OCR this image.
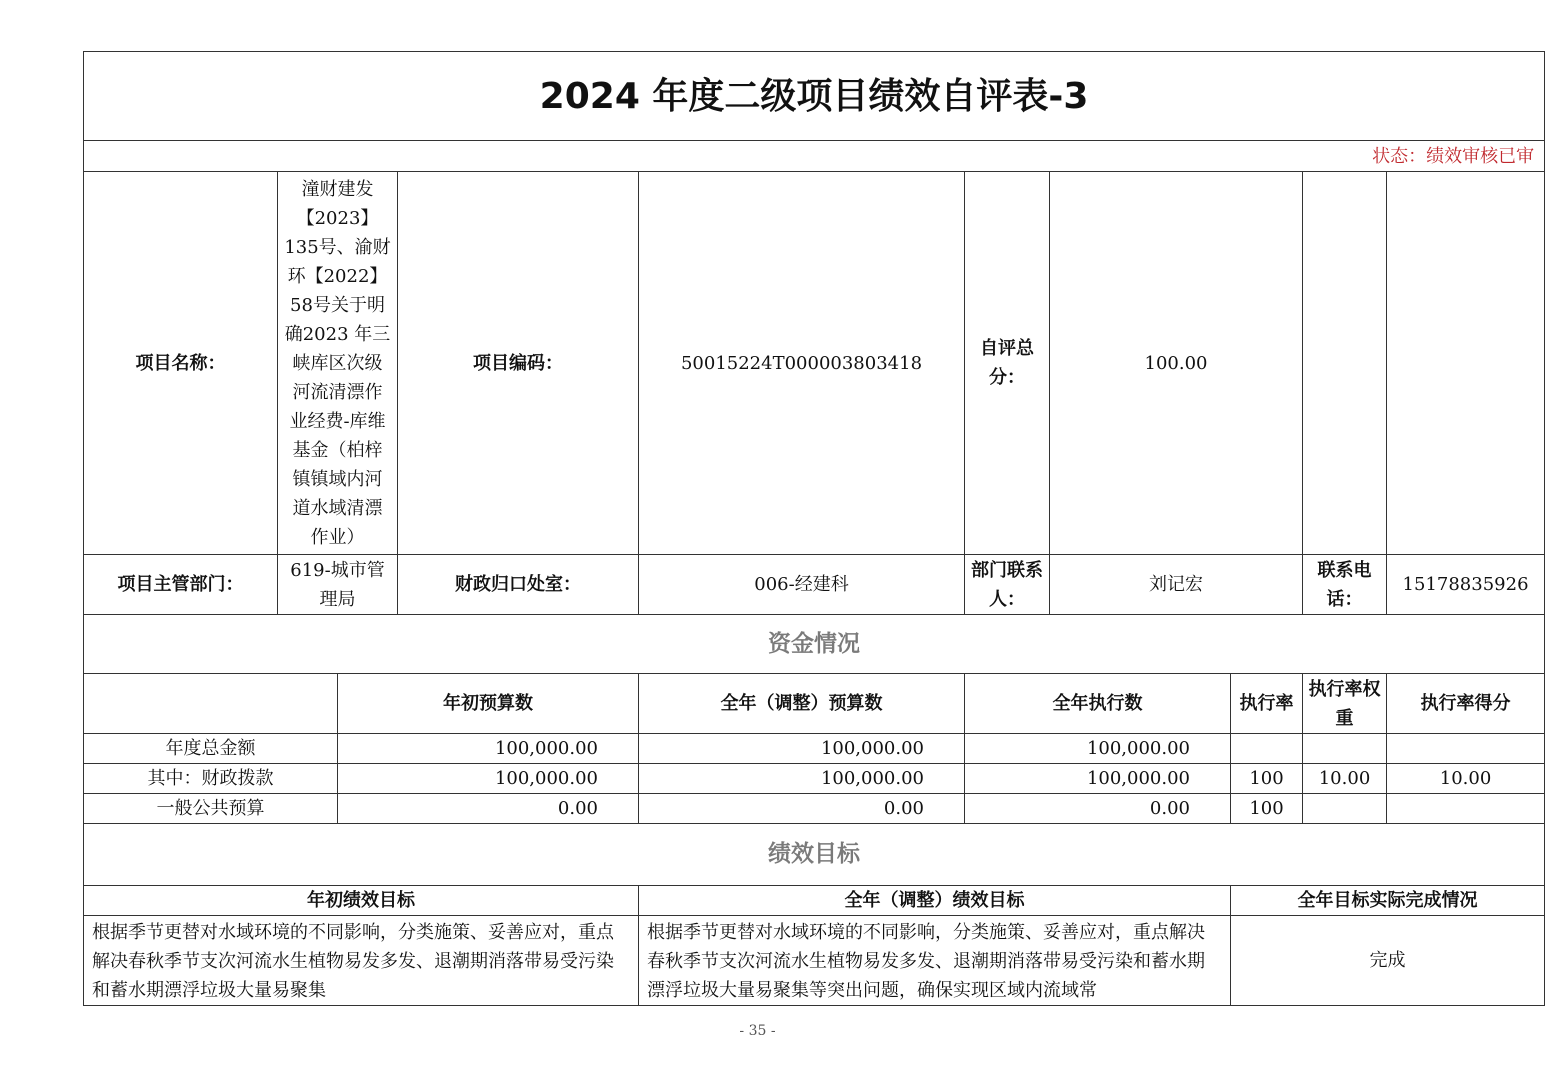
2024 年度二级项目绩效自评表-3									
状态：绩效审核已审									
项目名称：	潼财建发【2023】135号、渝财环【2022】58号关于明确2023 年三峡库区次级河流清漂作业经费-库维基金（柏梓镇镇域内河道水域清漂作业）		项目编码：	50015224T000003803418	自评总分：	100.00			
项目主管部门：	619-城市管理局		财政归口处室：	006-经建科	部门联系人：	刘记宏		联系电话：	15178835926
资金情况									
		年初预算数		全年（调整）预算数	全年执行数		执行率	执行率权重	执行率得分
年度总金额		100,000.00		100,000.00	100,000.00				
其中：财政拨款		100,000.00		100,000.00	100,000.00		100	10.00	10.00
一般公共预算		0.00		0.00	0.00		100		
绩效目标									
年初绩效目标				全年（调整）绩效目标			全年目标实际完成情况		
根据季节更替对水域环境的不同影响，分类施策、妥善应对，重点解决春秋季节支次河流水生植物易发多发、退潮期消落带易受污染和蓄水期漂浮垃圾大量易聚集				根据季节更替对水域环境的不同影响，分类施策、妥善应对，重点解决春秋季节支次河流水生植物易发多发、退潮期消落带易受污染和蓄水期漂浮垃圾大量易聚集等突出问题，确保实现区域内流域常			完成		
- 35 -
